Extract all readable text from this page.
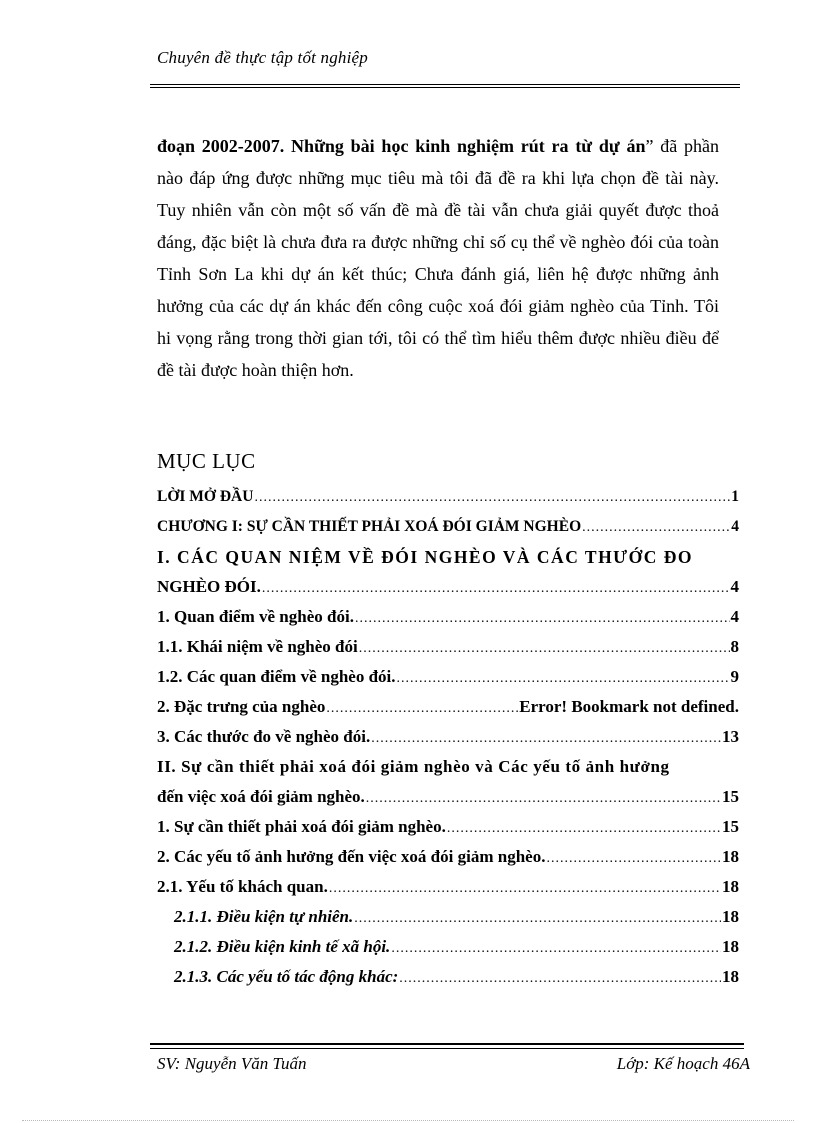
Chuyên đề thực tập tốt nghiệp
đoạn 2002-2007. Những bài học kinh nghiệm rút ra từ dự án” đã phần nào đáp ứng được những mục tiêu mà tôi đã đề ra khi lựa chọn đề tài này. Tuy nhiên vẫn còn một số vấn đề mà đề tài vẫn chưa giải quyết được thoả đáng, đặc biệt là chưa đưa ra được những chỉ số cụ thể về nghèo đói của toàn Tỉnh Sơn La khi dự án kết thúc; Chưa đánh giá, liên hệ được những ảnh hưởng của các dự án khác đến công cuộc xoá đói giảm nghèo của Tỉnh. Tôi hi vọng rằng trong thời gian tới, tôi có thể tìm hiểu thêm được nhiều điều để đề tài được hoàn thiện hơn.
MỤC LỤC
LỜI MỞ ĐẦU .....	1
CHƯƠNG I: SỰ CẦN THIẾT PHẢI XOÁ ĐÓI GIẢM NGHÈO .....	4
I. CÁC QUAN NIỆM VỀ ĐÓI NGHÈO VÀ CÁC THƯỚC ĐO
NGHÈO ĐÓI. .....	4
1. Quan điểm về nghèo đói. .....	4
1.1. Khái niệm về nghèo đói .....	8
1.2. Các quan điểm về nghèo đói. .....	9
2. Đặc trưng của nghèo .....	Error! Bookmark not defined.
3. Các thước đo về nghèo đói. .....	13
II. Sự cần thiết phải xoá đói giảm nghèo và Các yếu tố ảnh hưởng
đến việc xoá đói giảm nghèo. .....	15
1. Sự cần thiết phải xoá đói giảm nghèo. .....	15
2. Các yếu tố ảnh hưởng đến việc xoá đói giảm nghèo. .....	18
2.1. Yếu tố khách quan. .....	18
2.1.1. Điều kiện tự nhiên. .....	18
2.1.2. Điều kiện kinh tế xã hội. .....	18
2.1.3. Các yếu tố tác động khác: .....	18
SV: Nguyễn Văn Tuấn	Lớp: Kế hoạch 46A
